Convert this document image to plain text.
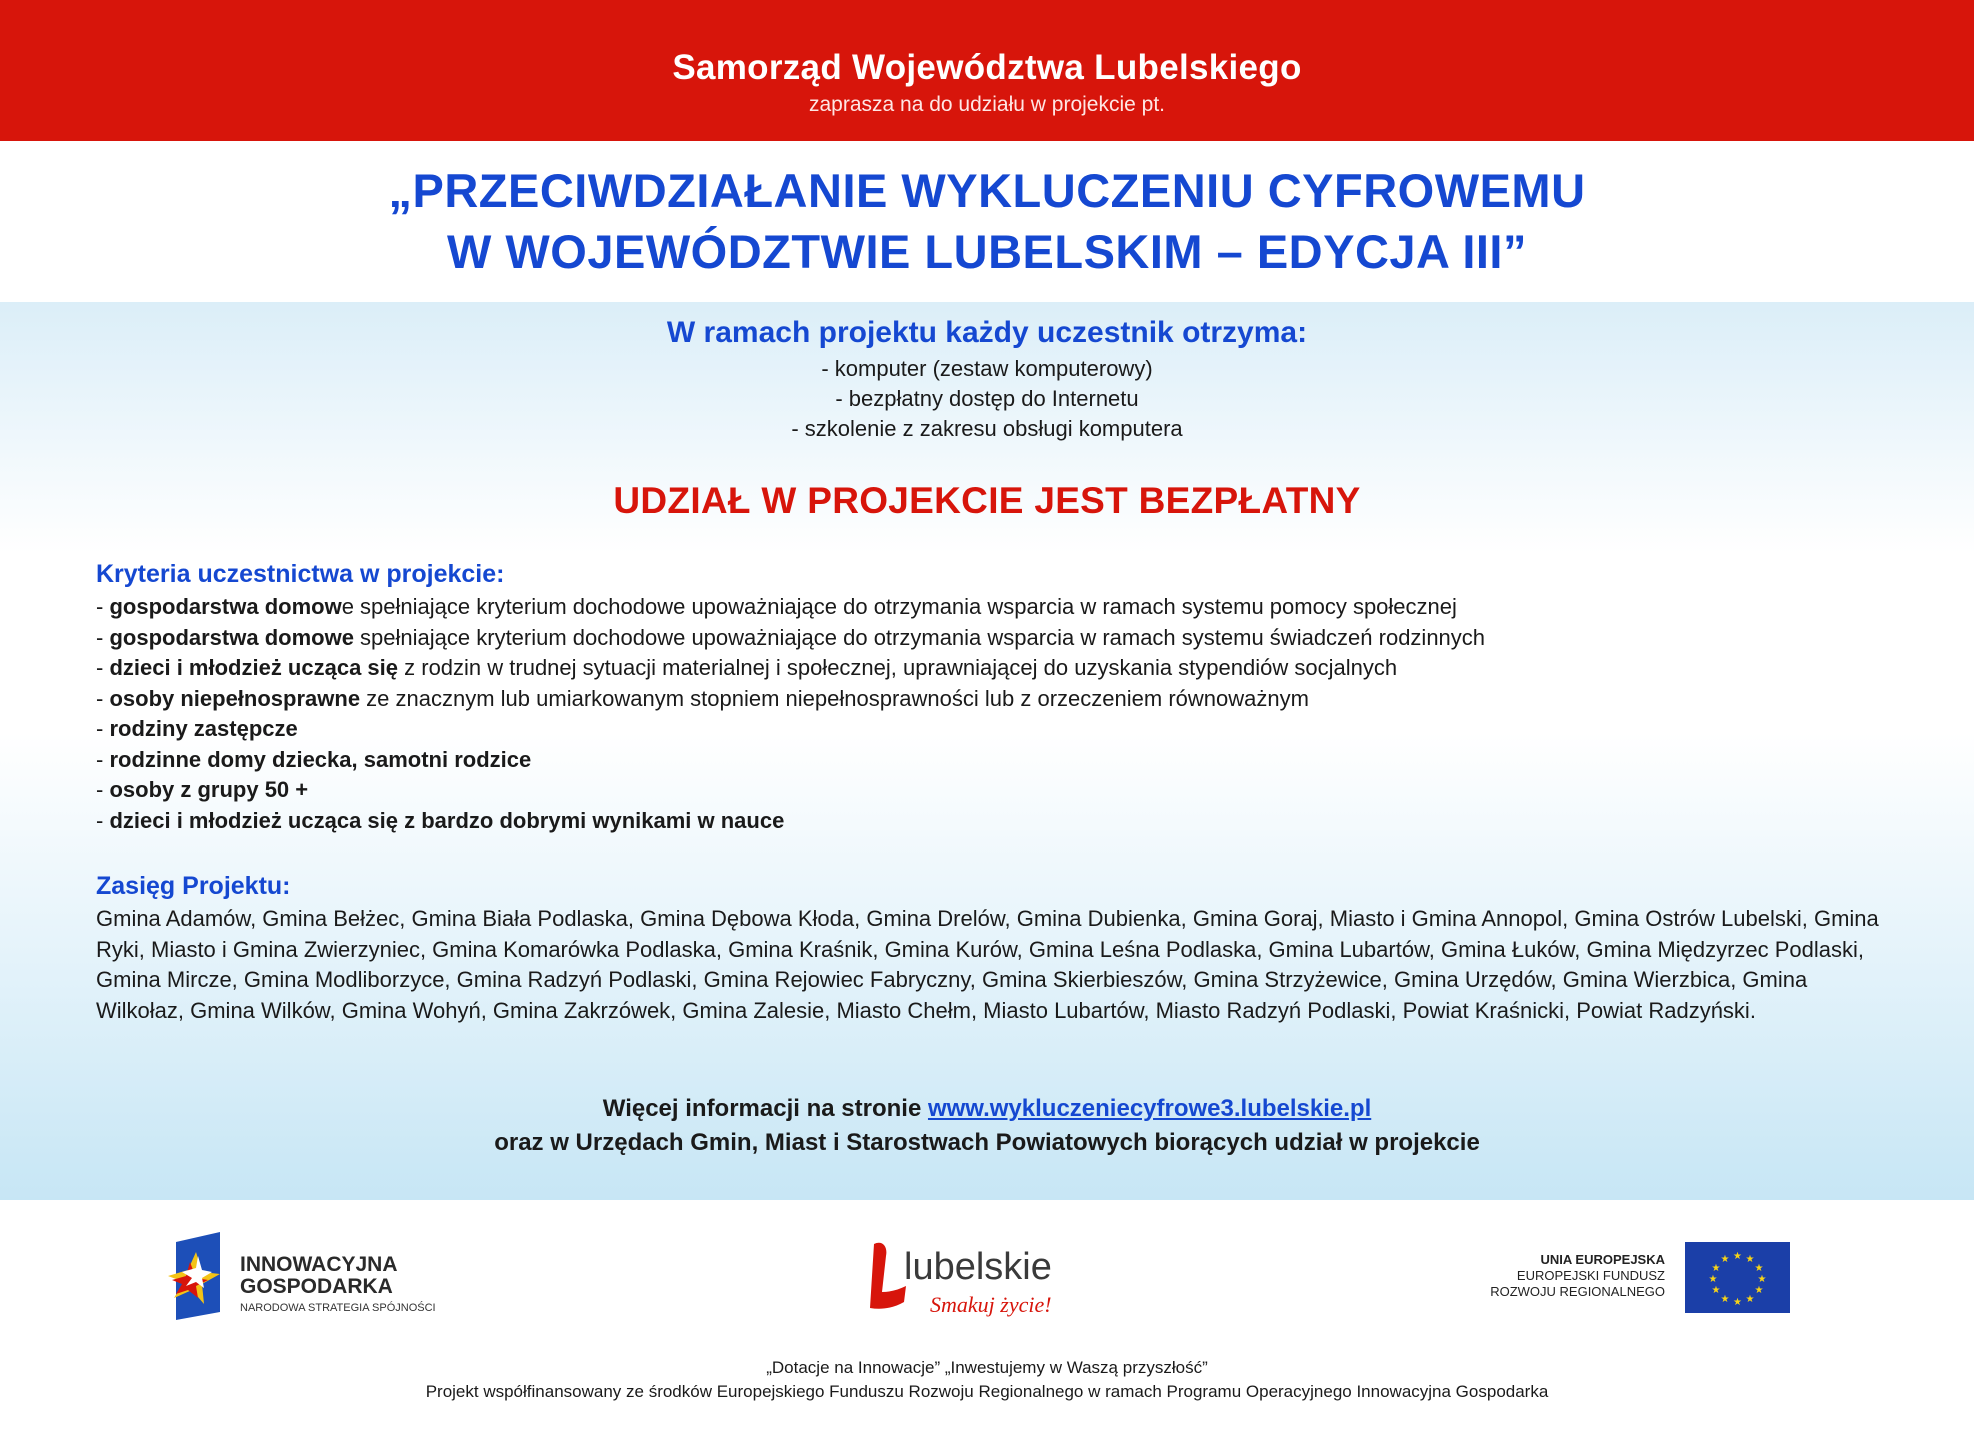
Samorząd Województwa Lubelskiego
zaprasza na do udziału w projekcie pt.
„PRZECIWDZIAŁANIE WYKLUCZENIU CYFROWEMU
W WOJEWÓDZTWIE LUBELSKIM – EDYCJA III”
W ramach projektu każdy uczestnik otrzyma:
- komputer (zestaw komputerowy)
- bezpłatny dostęp do Internetu
- szkolenie z zakresu obsługi komputera
UDZIAŁ W PROJEKCIE JEST BEZPŁATNY
Kryteria uczestnictwa w projekcie:
- gospodarstwa domowe spełniające kryterium dochodowe upoważniające do otrzymania wsparcia w ramach systemu pomocy społecznej
- gospodarstwa domowe spełniające kryterium dochodowe upoważniające do otrzymania wsparcia w ramach systemu świadczeń rodzinnych
- dzieci i młodzież ucząca się z rodzin w trudnej sytuacji materialnej i społecznej, uprawniającej do uzyskania stypendiów socjalnych
- osoby niepełnosprawne ze znacznym lub umiarkowanym stopniem niepełnosprawności lub z orzeczeniem równoważnym
- rodziny zastępcze
- rodzinne domy dziecka, samotni rodzice
- osoby z grupy 50 +
- dzieci i młodzież ucząca się z bardzo dobrymi wynikami w nauce
Zasięg Projektu:
Gmina Adamów, Gmina Bełżec, Gmina Biała Podlaska, Gmina Dębowa Kłoda, Gmina Drelów, Gmina Dubienka, Gmina Goraj, Miasto i Gmina Annopol, Gmina Ostrów Lubelski, Gmina Ryki, Miasto i Gmina Zwierzyniec, Gmina Komarówka Podlaska, Gmina Kraśnik, Gmina Kurów, Gmina Leśna Podlaska, Gmina Lubartów, Gmina Łuków, Gmina Międzyrzec Podlaski, Gmina Mircze, Gmina Modliborzyce, Gmina Radzyń Podlaski, Gmina Rejowiec Fabryczny, Gmina Skierbieszów, Gmina Strzyżewice, Gmina Urzędów, Gmina Wierzbica, Gmina Wilkołaz, Gmina Wilków, Gmina Wohyń, Gmina Zakrzówek, Gmina Zalesie, Miasto Chełm, Miasto Lubartów, Miasto Radzyń Podlaski, Powiat Kraśnicki, Powiat Radzyński.
Więcej informacji na stronie www.wykluczeniecyfrowe3.lubelskie.pl
oraz w Urzędach Gmin, Miast i Starostwach Powiatowych biorących udział w projekcie
INNOWACYJNA
GOSPODARKA
NARODOWA STRATEGIA SPÓJNOŚCI
lubelskie
Smakuj życie!
UNIA EUROPEJSKA
EUROPEJSKI FUNDUSZ
ROZWOJU REGIONALNEGO
★ ★
★
★
★
★
★
★
★
★
★
★
„Dotacje na Innowacje” „Inwestujemy w Waszą przyszłość”
Projekt współfinansowany ze środków Europejskiego Funduszu Rozwoju Regionalnego w ramach Programu Operacyjnego Innowacyjna Gospodarka
